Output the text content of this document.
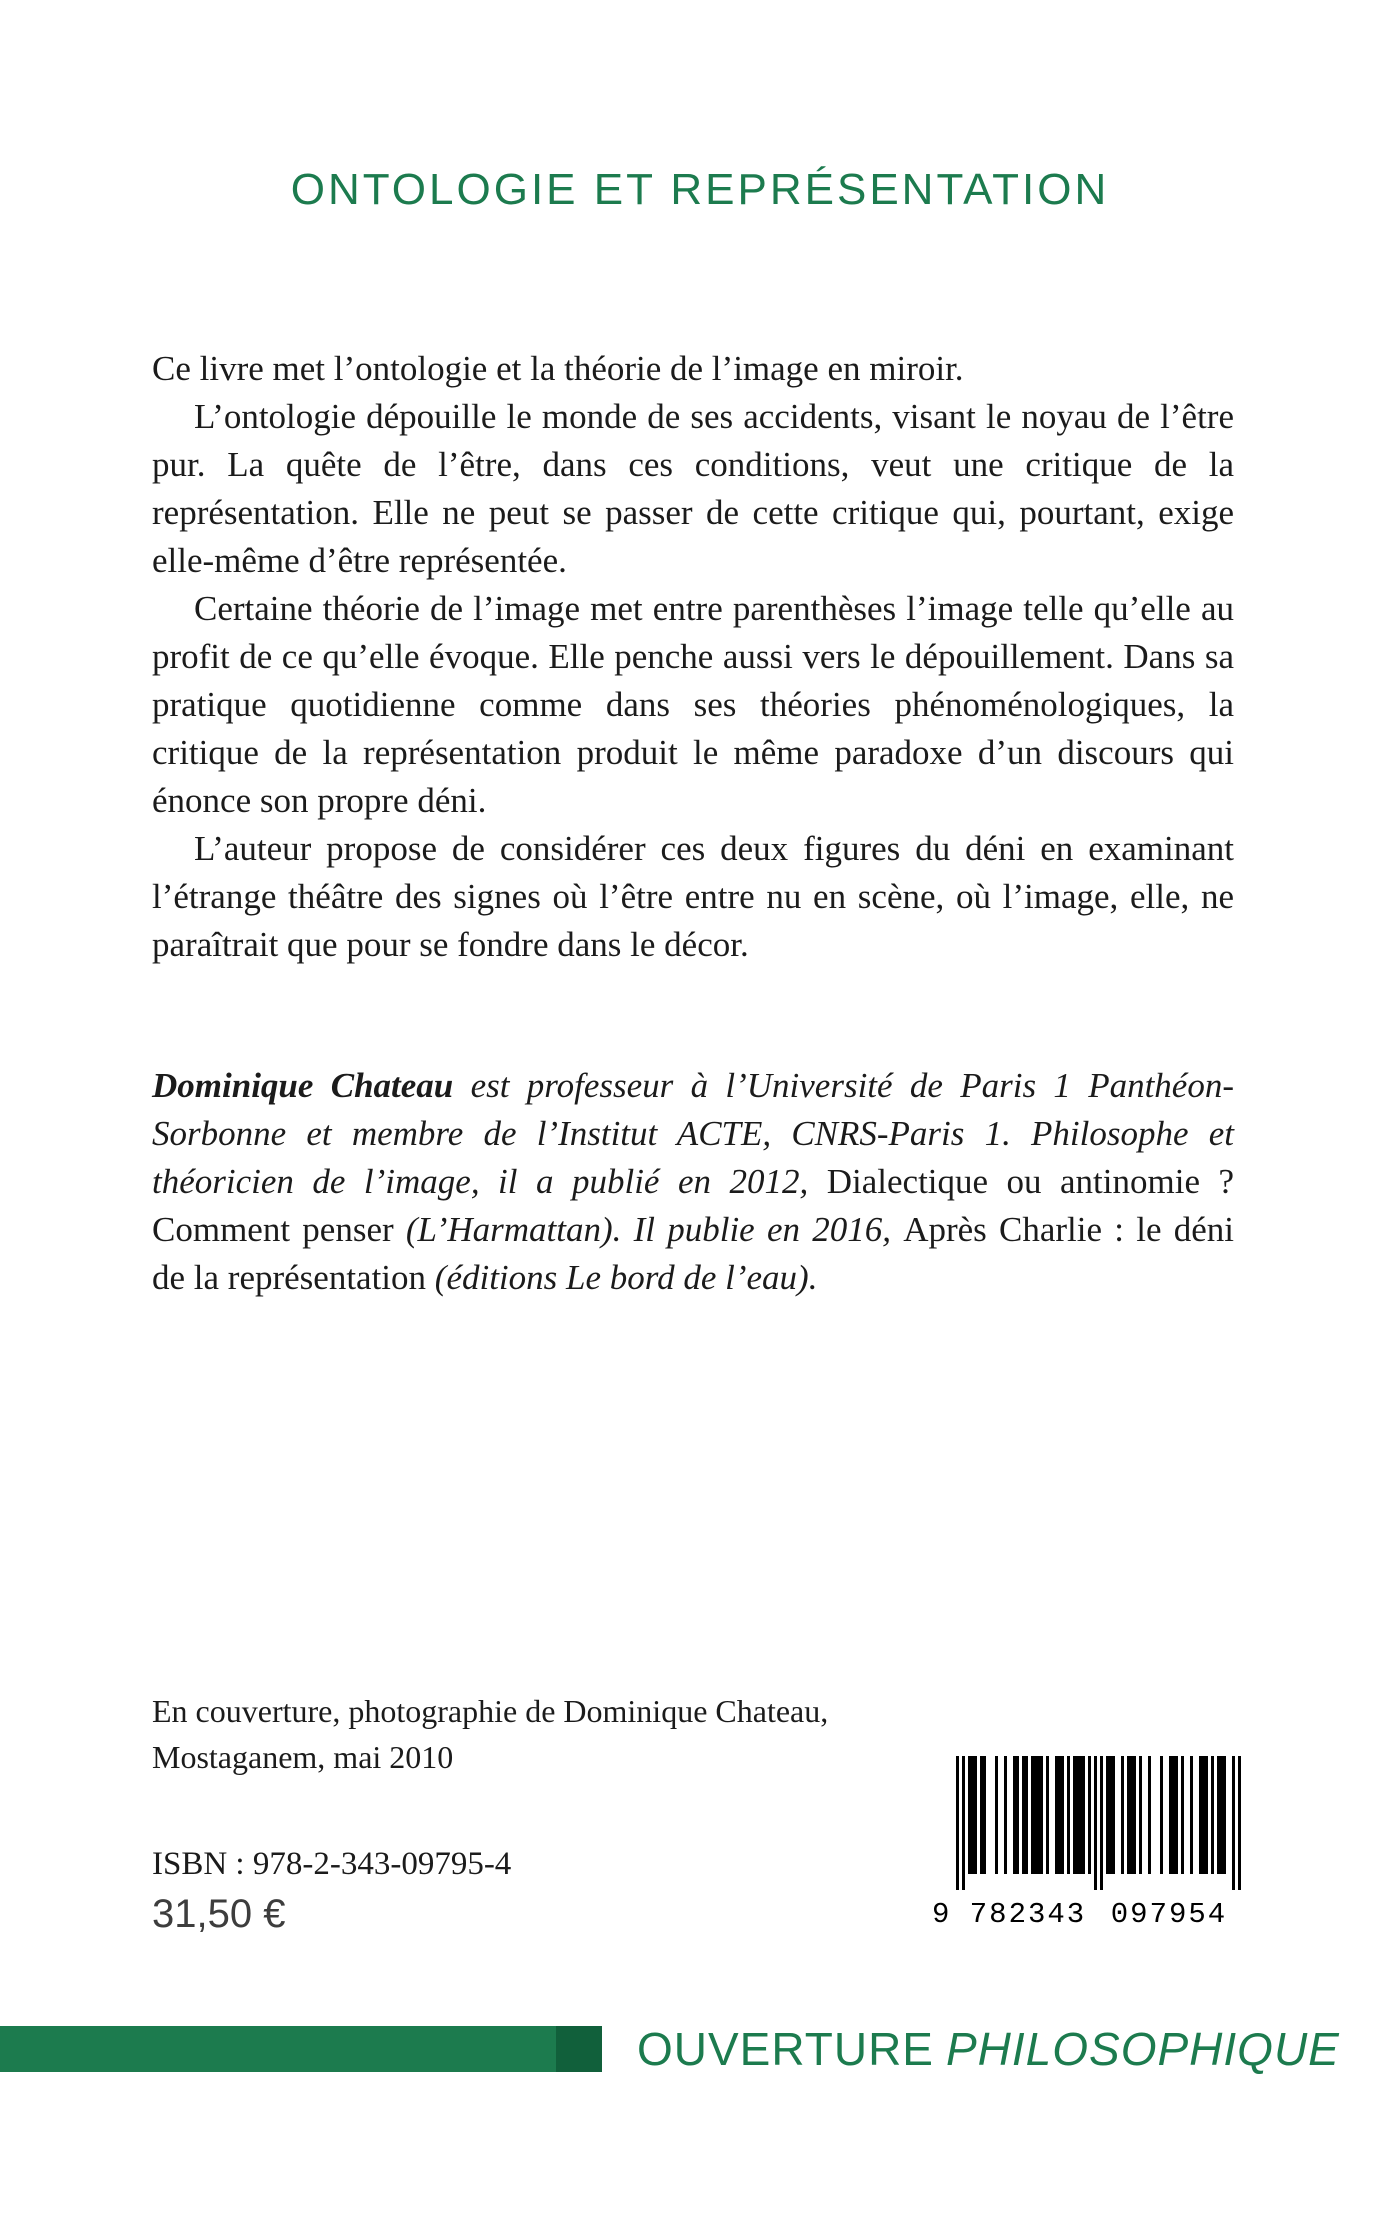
ONTOLOGIE ET REPRÉSENTATION

Ce livre met l’ontologie et la théorie de l’image en miroir.

L’ontologie dépouille le monde de ses accidents, visant le noyau de l’être pur. La quête de l’être, dans ces conditions, veut une critique de la représentation. Elle ne peut se passer de cette critique qui, pourtant, exige elle-même d’être représentée.

Certaine théorie de l’image met entre parenthèses l’image telle qu’elle au profit de ce qu’elle évoque. Elle penche aussi vers le dépouillement. Dans sa pratique quotidienne comme dans ses théories phénoménologiques, la critique de la représentation produit le même paradoxe d’un discours qui énonce son propre déni.

L’auteur propose de considérer ces deux figures du déni en examinant l’étrange théâtre des signes où l’être entre nu en scène, où l’image, elle, ne paraîtrait que pour se fondre dans le décor.

Dominique Chateau est professeur à l’Université de Paris 1 Panthéon-Sorbonne et membre de l’Institut ACTE, CNRS-Paris 1. Philosophe et théoricien de l’image, il a publié en 2012, Dialectique ou antinomie ? Comment penser (L’Harmattan). Il publie en 2016, Après Charlie : le déni de la représentation (éditions Le bord de l’eau).
En couverture, photographie de Dominique Chateau,
Mostaganem, mai 2010
ISBN : 978-2-343-09795-4
31,50 €	9 782343 097954
OUVERTURE PHILOSOPHIQUE
